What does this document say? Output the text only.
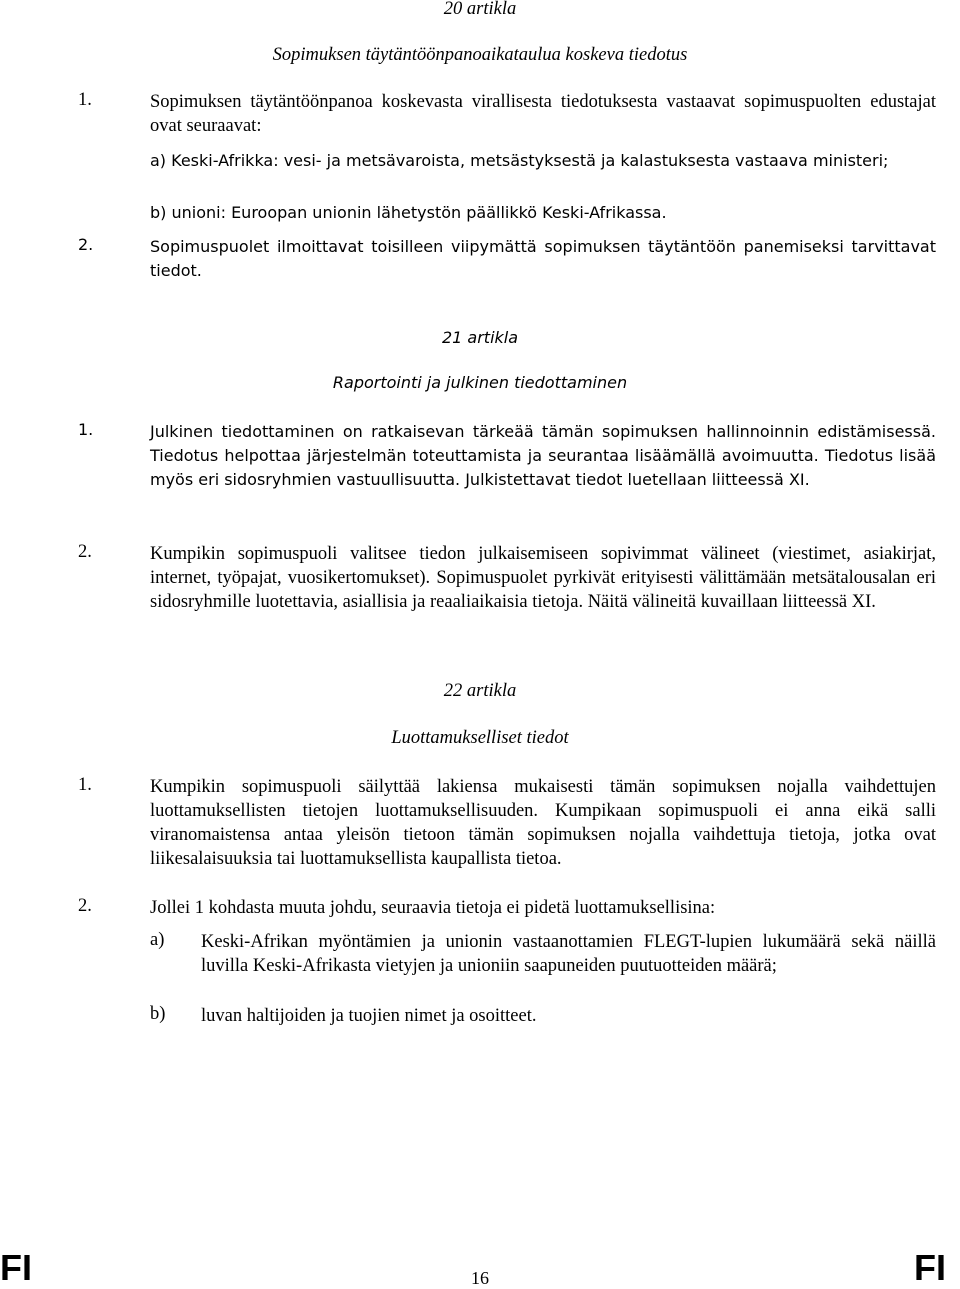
20 artikla
Sopimuksen täytäntöönpanoaikataulua koskeva tiedotus
1.	Sopimuksen täytäntöönpanoa koskevasta virallisesta tiedotuksesta vastaavat sopimuspuolten edustajat ovat seuraavat:
a) Keski-Afrikka: vesi- ja metsävaroista, metsästyksestä ja kalastuksesta vastaava ministeri;
b) unioni: Euroopan unionin lähetystön päällikkö Keski-Afrikassa.
2.	Sopimuspuolet ilmoittavat toisilleen viipymättä sopimuksen täytäntöön panemiseksi tarvittavat tiedot.
21 artikla
Raportointi ja julkinen tiedottaminen
1.	Julkinen tiedottaminen on ratkaisevan tärkeää tämän sopimuksen hallinnoinnin edistämisessä. Tiedotus helpottaa järjestelmän toteuttamista ja seurantaa lisäämällä avoimuutta. Tiedotus lisää myös eri sidosryhmien vastuullisuutta. Julkistettavat tiedot luetellaan liitteessä XI.
2.	Kumpikin sopimuspuoli valitsee tiedon julkaisemiseen sopivimmat välineet (viestimet, asiakirjat, internet, työpajat, vuosikertomukset). Sopimuspuolet pyrkivät erityisesti välittämään metsätalousalan eri sidosryhmille luotettavia, asiallisia ja reaaliaikaisia tietoja. Näitä välineitä kuvaillaan liitteessä XI.
22 artikla
Luottamukselliset tiedot
1.	Kumpikin sopimuspuoli säilyttää lakiensa mukaisesti tämän sopimuksen nojalla vaihdettujen luottamuksellisten tietojen luottamuksellisuuden. Kumpikaan sopimuspuoli ei anna eikä salli viranomaistensa antaa yleisön tietoon tämän sopimuksen nojalla vaihdettuja tietoja, jotka ovat liikesalaisuuksia tai luottamuksellista kaupallista tietoa.
2.	Jollei 1 kohdasta muuta johdu, seuraavia tietoja ei pidetä luottamuksellisina:
a) Keski-Afrikan myöntämien ja unionin vastaanottamien FLEGT-lupien lukumäärä sekä näillä luvilla Keski-Afrikasta vietyjen ja unioniin saapuneiden puutuotteiden määrä;
b) luvan haltijoiden ja tuojien nimet ja osoitteet.
FI	16	FI
